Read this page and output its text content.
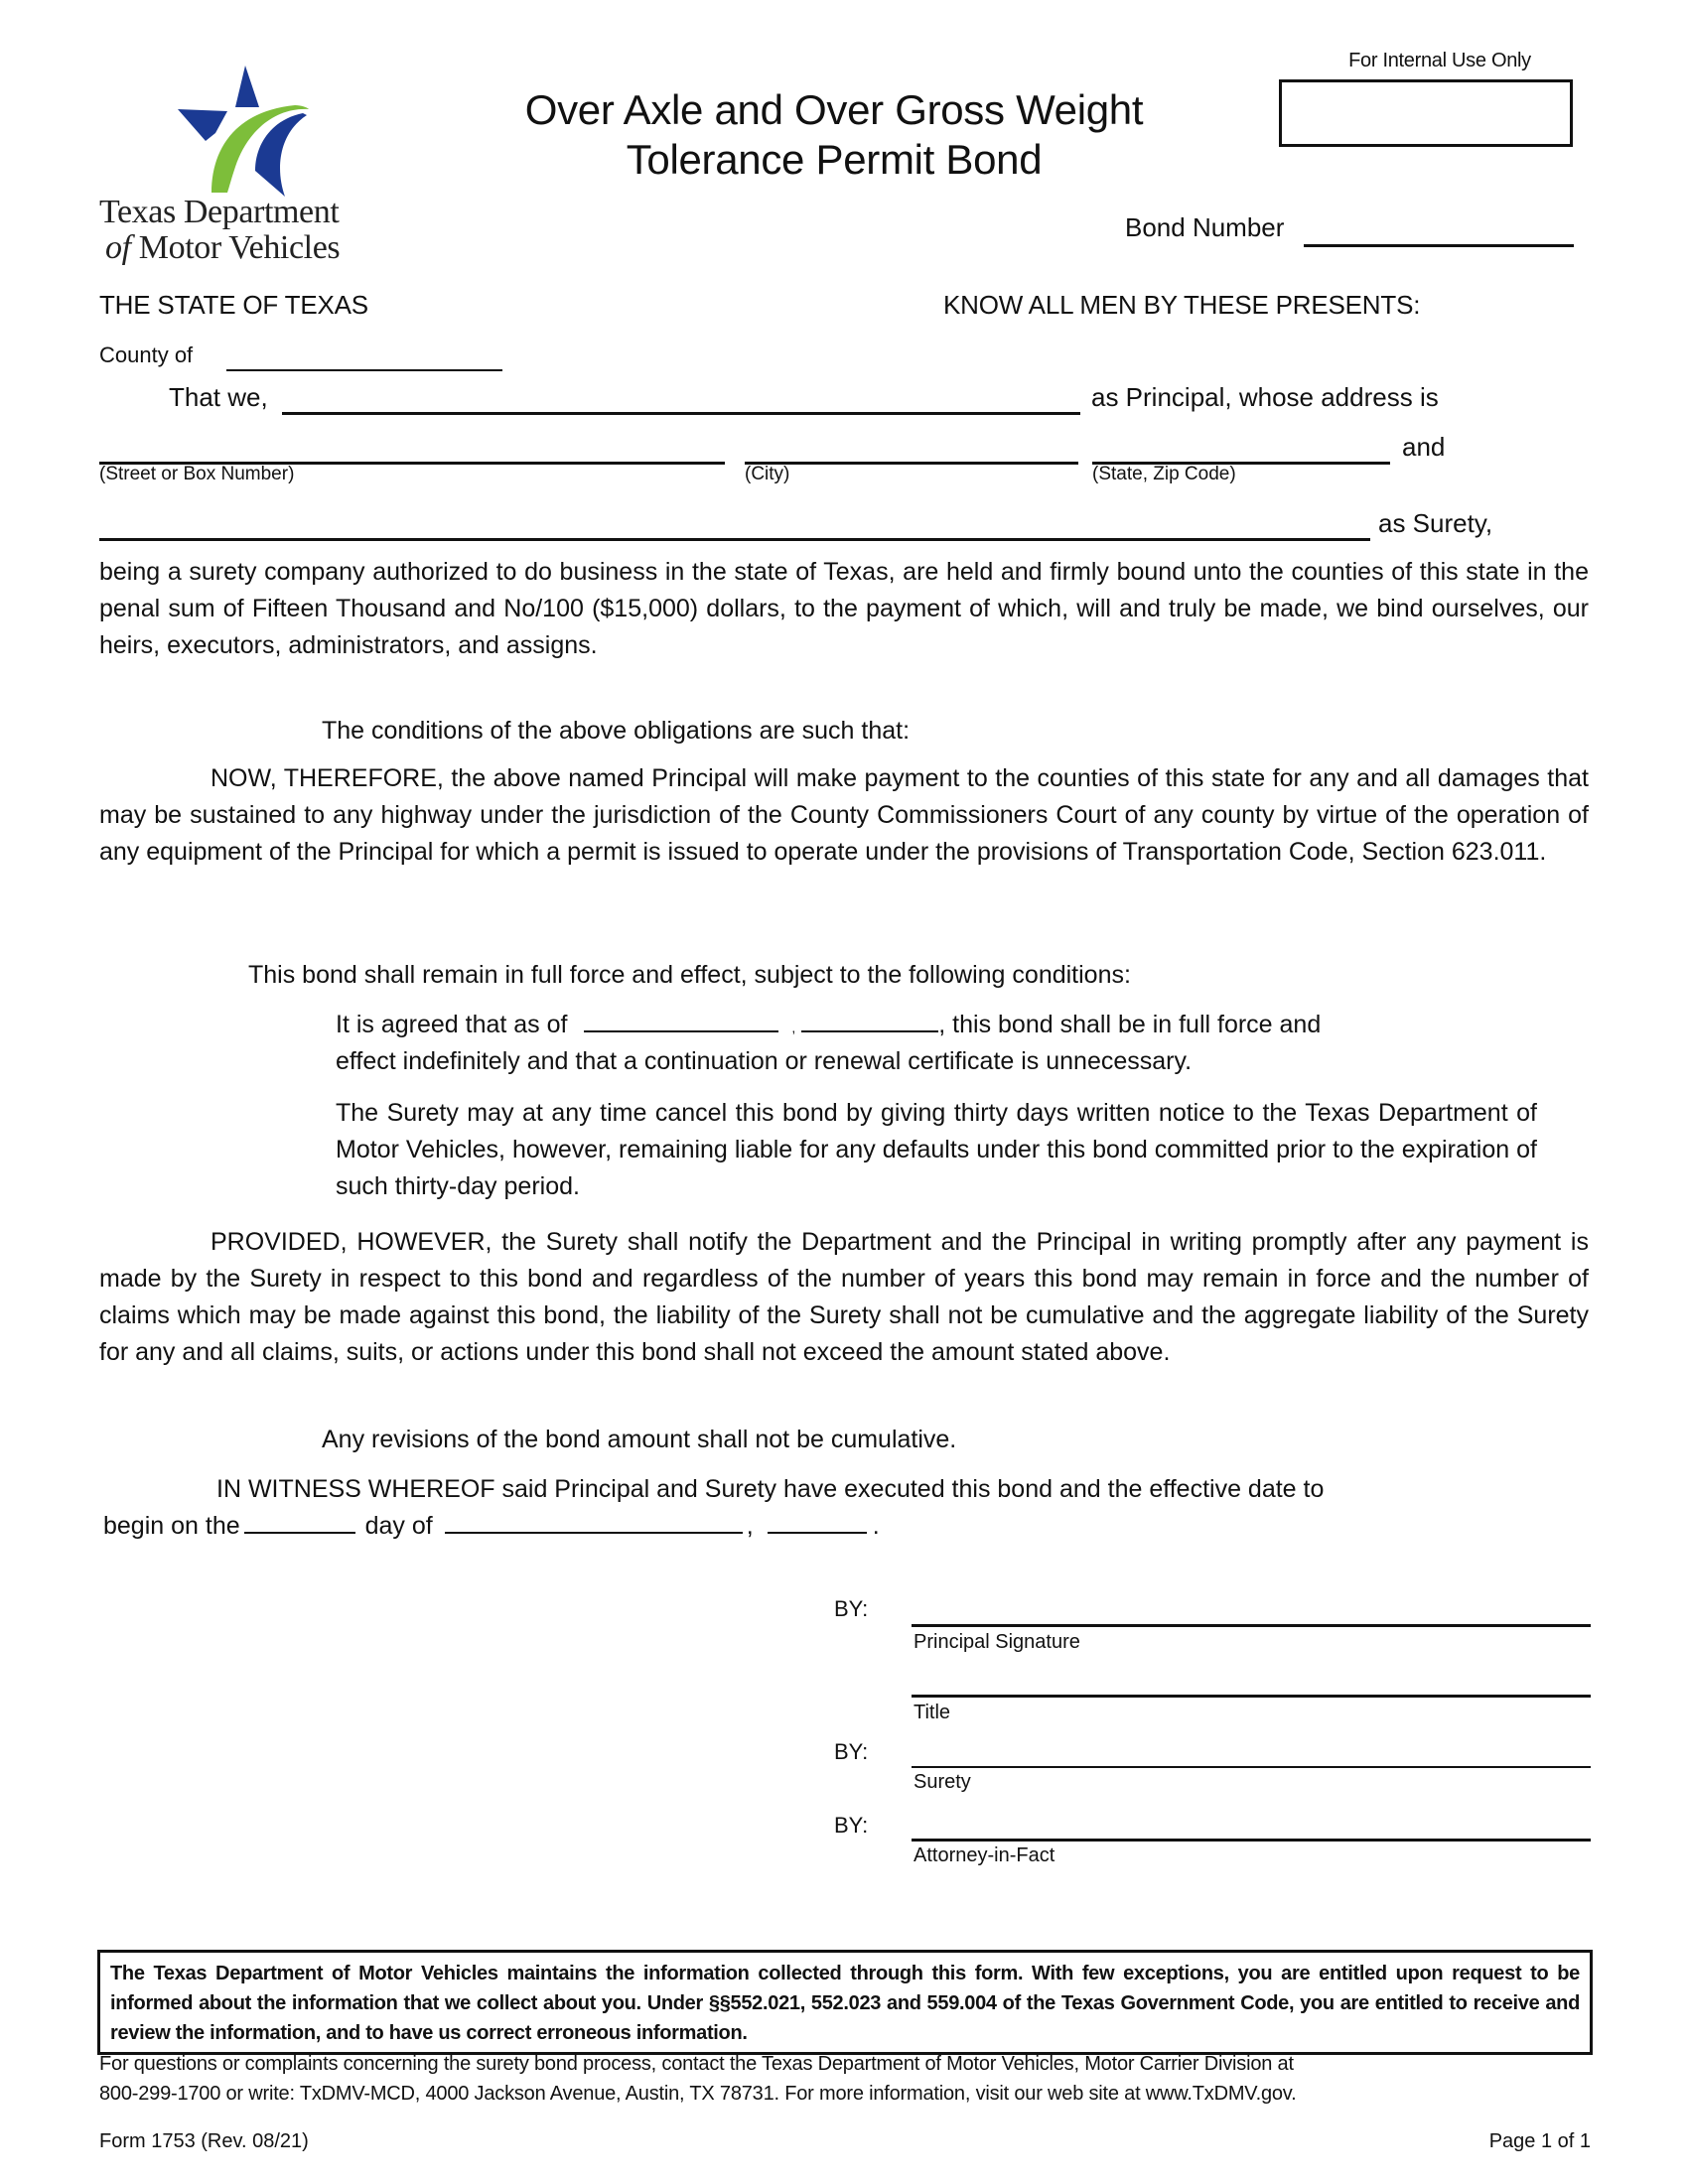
Texas Department
of Motor Vehicles
Over Axle and Over Gross Weight
Tolerance Permit Bond
For Internal Use Only
Bond Number
THE STATE OF TEXAS	KNOW ALL MEN BY THESE PRESENTS:
County of
That we,	as Principal, whose address is
and
(Street or Box Number)	(City)	(State, Zip Code)
as Surety,
being a surety company authorized to do business in the state of Texas, are held and firmly bound unto the counties of this state in the penal sum of Fifteen Thousand and No/100 ($15,000) dollars, to the payment of which, will and truly be made, we bind ourselves, our heirs, executors, administrators, and assigns.
The conditions of the above obligations are such that:
NOW, THEREFORE, the above named Principal will make payment to the counties of this state for any and all damages that may be sustained to any highway under the jurisdiction of the County Commissioners Court of any county by virtue of the operation of any equipment of the Principal for which a permit is issued to operate under the provisions of Transportation Code, Section 623.011.
This bond shall remain in full force and effect, subject to the following conditions:
It is agreed that as of	,	, this bond shall be in full force and
effect indefinitely and that a continuation or renewal certificate is unnecessary.
The Surety may at any time cancel this bond by giving thirty days written notice to the Texas Department of Motor Vehicles, however, remaining liable for any defaults under this bond committed prior to the expiration of such thirty-day period.
PROVIDED, HOWEVER, the Surety shall notify the Department and the Principal in writing promptly after any payment is made by the Surety in respect to this bond and regardless of the number of years this bond may remain in force and the number of claims which may be made against this bond, the liability of the Surety shall not be cumulative and the aggregate liability of the Surety for any and all claims, suits, or actions under this bond shall not exceed the amount stated above.
Any revisions of the bond amount shall not be cumulative.
IN WITNESS WHEREOF said Principal and Surety have executed this bond and the effective date to
begin on the	day of	,	.
BY:
Principal Signature
Title
BY:
Surety
BY:
Attorney-in-Fact
The Texas Department of Motor Vehicles maintains the information collected through this form. With few exceptions, you are entitled upon request to be informed about the information that we collect about you. Under §§552.021, 552.023 and 559.004 of the Texas Government Code, you are entitled to receive and review the information, and to have us correct erroneous information.
For questions or complaints concerning the surety bond process, contact the Texas Department of Motor Vehicles, Motor Carrier Division at
800-299-1700 or write: TxDMV-MCD, 4000 Jackson Avenue, Austin, TX 78731. For more information, visit our web site at www.TxDMV.gov.
Form 1753 (Rev. 08/21)	Page 1 of 1
